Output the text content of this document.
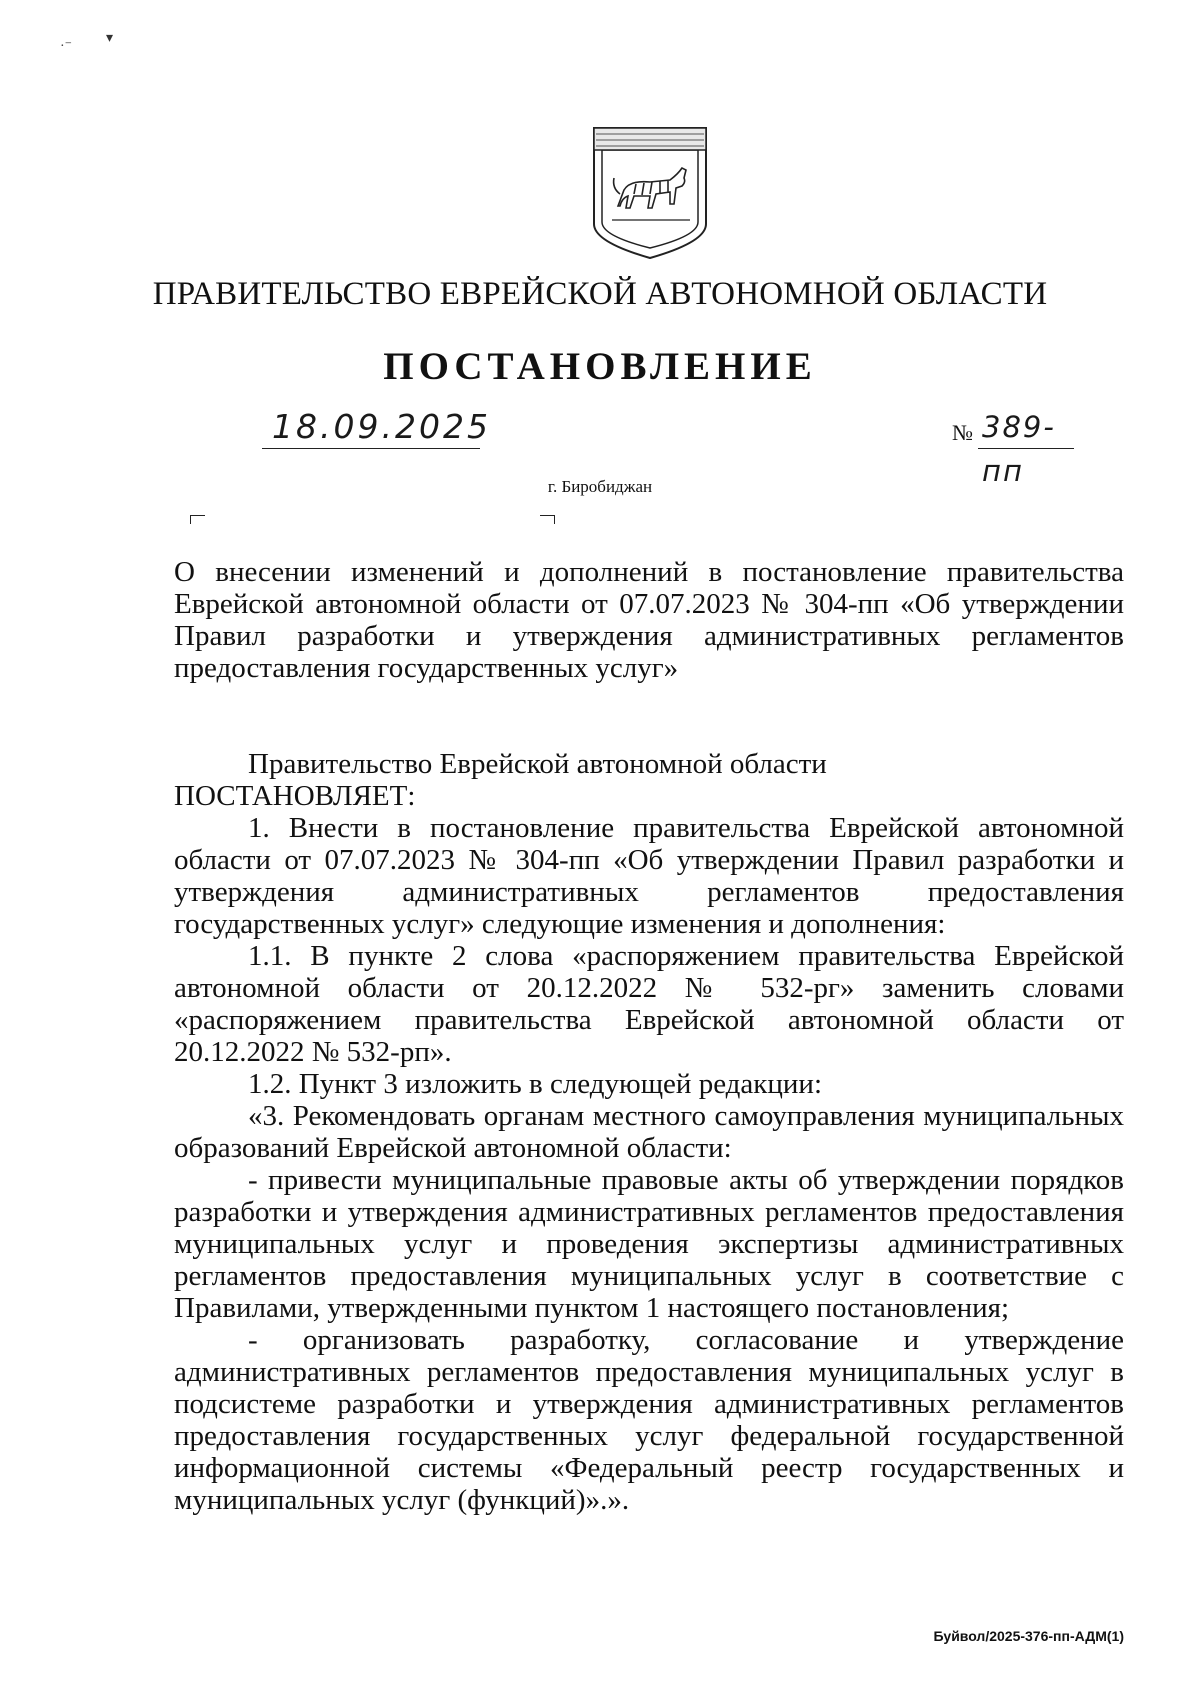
·⁻
▾
ПРАВИТЕЛЬСТВО ЕВРЕЙСКОЙ АВТОНОМНОЙ ОБЛАСТИ
ПОСТАНОВЛЕНИЕ
18.09.2025	№ 389-пп
г. Биробиджан
О внесении изменений и дополнений в постановление правительства Еврейской автономной области от 07.07.2023 № 304-пп «Об утверждении Правил разработки и утверждения административных регламентов предоставления государственных услуг»

Правительство Еврейской автономной области

ПОСТАНОВЛЯЕТ:

1. Внести в постановление правительства Еврейской автономной области от 07.07.2023 № 304-пп «Об утверждении Правил разработки и утверждения административных регламентов предоставления государственных услуг» следующие изменения и дополнения:

1.1. В пункте 2 слова «распоряжением правительства Еврейской автономной области от 20.12.2022 № 532-рг» заменить словами «распоряжением правительства Еврейской автономной области от 20.12.2022 № 532-рп».

1.2. Пункт 3 изложить в следующей редакции:

«3. Рекомендовать органам местного самоуправления муниципальных образований Еврейской автономной области:

- привести муниципальные правовые акты об утверждении порядков разработки и утверждения административных регламентов предоставления муниципальных услуг и проведения экспертизы административных регламентов предоставления муниципальных услуг в соответствие с Правилами, утвержденными пунктом 1 настоящего постановления;

- организовать разработку, согласование и утверждение административных регламентов предоставления муниципальных услуг в подсистеме разработки и утверждения административных регламентов предоставления государственных услуг федеральной государственной информационной системы «Федеральный реестр государственных и муниципальных услуг (функций)».».

Буйвол/2025-376-пп-АДМ(1)
